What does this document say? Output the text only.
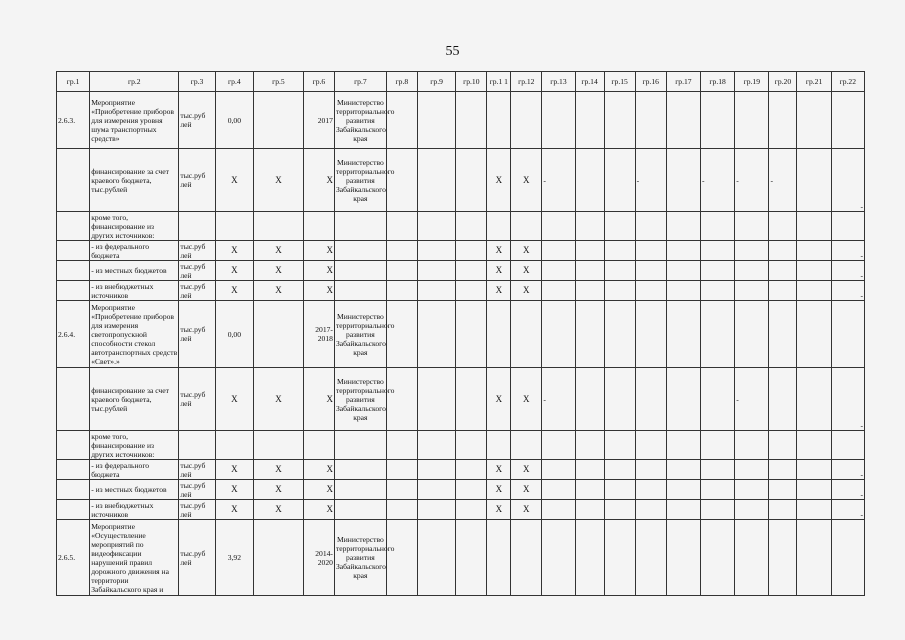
55
гр.1	гр.2	гр.3	гр.4	гр.5	гр.6	гр.7	гр.8	гр.9	гр.10	гр.1 1	гр.12	гр.13	гр.14	гр.15	гр.16	гр.17	гр.18	гр.19	гр.20	гр.21	гр.22
2.6.3.	Мероприятие «Приобретение приборов для измерения уровня шума транспортных средств»	тыс.руб лей	0,00		2017	Министерство территориального развития Забайкальского края															
	финансирование за счет краевого бюджета, тыс.рублей	тыс.руб лей	X	X	X	Министерство территориального развития Забайкальского края				X	X	-			-		-	-	-		-
	кроме того, финансирование из других источников:																				
	- из федерального бюджета	тыс.руб лей	X	X	X					X	X										-
	- из местных бюджетов	тыс.руб лей	X	X	X					X	X										-
	- из внебюджетных источников	тыс.руб лей	X	X	X					X	X										-
2.6.4.	Мероприятие «Приобретение приборов для измерения светопропускной способности стекол автотранспортных средств «Свет».»	тыс.руб лей	0,00		2017-2018	Министерство территориального развития Забайкальского края															
	финансирование за счет краевого бюджета, тыс.рублей	тыс.руб лей	X	X	X	Министерство территориального развития Забайкальского края				X	X	-						-			-
	кроме того, финансирование из других источников:																				
	- из федерального бюджета	тыс.руб лей	X	X	X					X	X										-
	- из местных бюджетов	тыс.руб лей	X	X	X					X	X										-
	- из внебюджетных источников	тыс.руб лей	X	X	X					X	X										-
2.6.5.	Мероприятие «Осуществление мероприятий по видеофиксации нарушений правил дорожного движения на территории Забайкальского края и	тыс.руб лей	3,92		2014-2020	Министерство территориального развития Забайкальского края															
